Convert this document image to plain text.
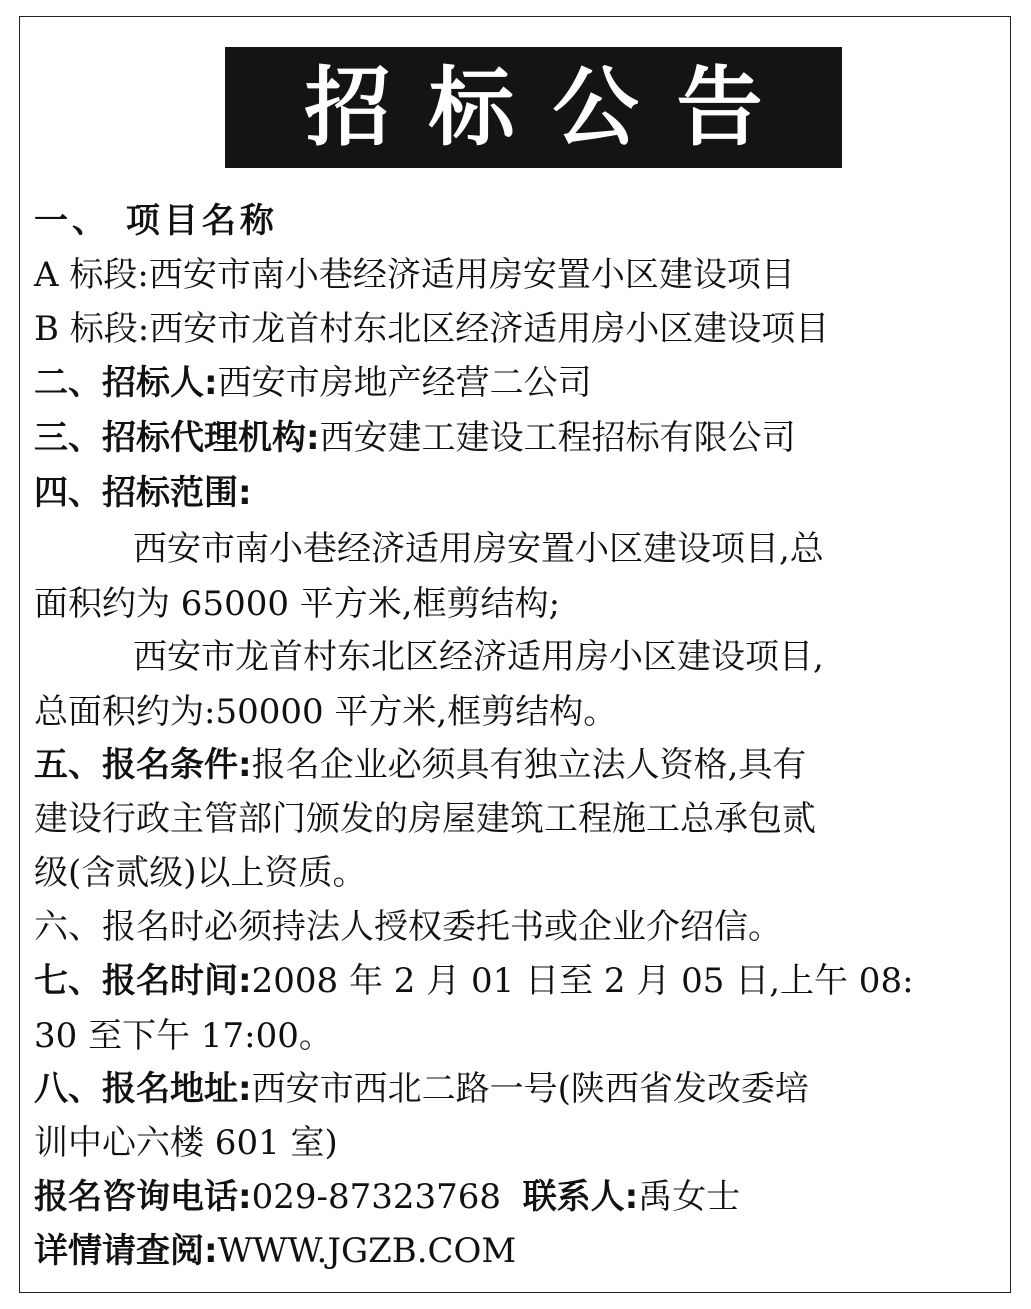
招标公告
一、 项目名称
A 标段:西安市南小巷经济适用房安置小区建设项目
B 标段:西安市龙首村东北区经济适用房小区建设项目
二、招标人:西安市房地产经营二公司
三、招标代理机构:西安建工建设工程招标有限公司
四、招标范围:
西安市南小巷经济适用房安置小区建设项目,总
面积约为 65000 平方米,框剪结构;
西安市龙首村东北区经济适用房小区建设项目,
总面积约为:50000 平方米,框剪结构。
五、报名条件:报名企业必须具有独立法人资格,具有
建设行政主管部门颁发的房屋建筑工程施工总承包贰
级(含贰级)以上资质。
六、报名时必须持法人授权委托书或企业介绍信。
七、报名时间:2008 年 2 月 01 日至 2 月 05 日,上午 08:
30 至下午 17:00。
八、报名地址:西安市西北二路一号(陕西省发改委培
训中心六楼 601 室)
报名咨询电话:029-87323768 联系人:禹女士
详情请查阅:WWW.JGZB.COM
